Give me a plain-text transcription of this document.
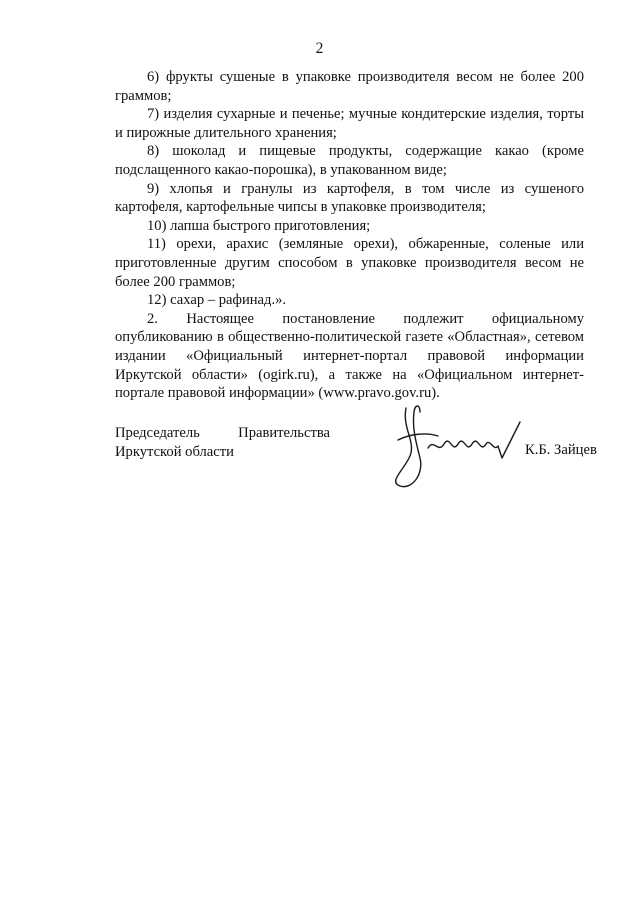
2

6) фрукты сушеные в упаковке производителя весом не более 200 граммов;

7) изделия сухарные и печенье; мучные кондитерские изделия, торты и пирожные длительного хранения;

8) шоколад и пищевые продукты, содержащие какао (кроме подслащенного какао-порошка), в упакованном виде;

9) хлопья и гранулы из картофеля, в том числе из сушеного картофеля, картофельные чипсы в упаковке производителя;

10) лапша быстрого приготовления;

11) орехи, арахис (земляные орехи), обжаренные, соленые или приготовленные другим способом в упаковке производителя весом не более 200 граммов;

12) сахар – рафинад.».

2. Настоящее постановление подлежит официальному опубликованию в общественно-политической газете «Областная», сетевом издании «Официальный интернет-портал правовой информации Иркутской области» (ogirk.ru), а также на «Официальном интернет-портале правовой информации» (www.pravo.gov.ru).

Председатель	Правительства
Иркутской области	К.Б. Зайцев
